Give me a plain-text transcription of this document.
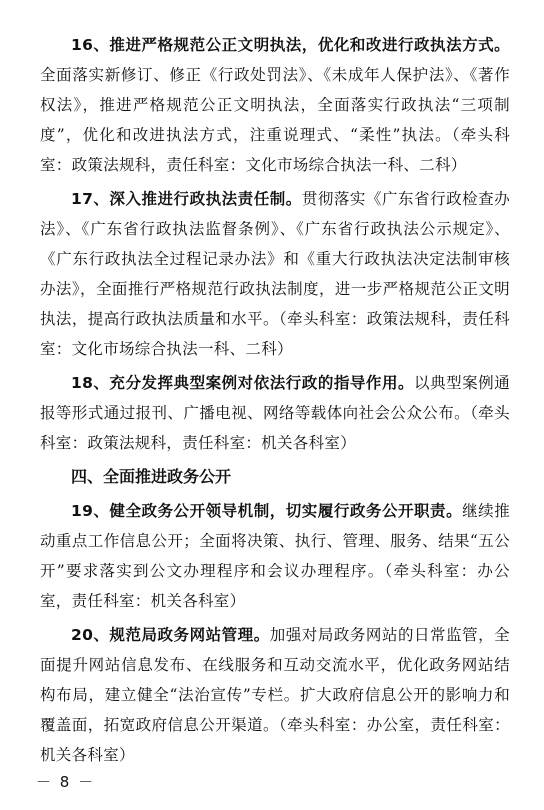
16、推进严格规范公正文明执法，优化和改进行政执法方式。全面落实新修订、修正《行政处罚法》、《未成年人保护法》、《著作权法》，推进严格规范公正文明执法，全面落实行政执法“三项制度”，优化和改进执法方式，注重说理式、“柔性”执法。（牵头科室：政策法规科，责任科室：文化市场综合执法一科、二科）

17、深入推进行政执法责任制。贯彻落实《广东省行政检查办法》、《广东省行政执法监督条例》、《广东省行政执法公示规定》、《广东行政执法全过程记录办法》和《重大行政执法决定法制审核办法》，全面推行严格规范行政执法制度，进一步严格规范公正文明执法，提高行政执法质量和水平。（牵头科室：政策法规科，责任科室：文化市场综合执法一科、二科）

18、充分发挥典型案例对依法行政的指导作用。以典型案例通报等形式通过报刊、广播电视、网络等载体向社会公众公布。（牵头科室：政策法规科，责任科室：机关各科室）

四、全面推进政务公开

19、健全政务公开领导机制，切实履行政务公开职责。继续推动重点工作信息公开；全面将决策、执行、管理、服务、结果“五公开”要求落实到公文办理程序和会议办理程序。（牵头科室：办公室，责任科室：机关各科室）

20、规范局政务网站管理。加强对局政务网站的日常监管，全面提升网站信息发布、在线服务和互动交流水平，优化政务网站结构布局，建立健全“法治宣传”专栏。扩大政府信息公开的影响力和覆盖面，拓宽政府信息公开渠道。（牵头科室：办公室，责任科室：机关各科室）

－ 8 －
